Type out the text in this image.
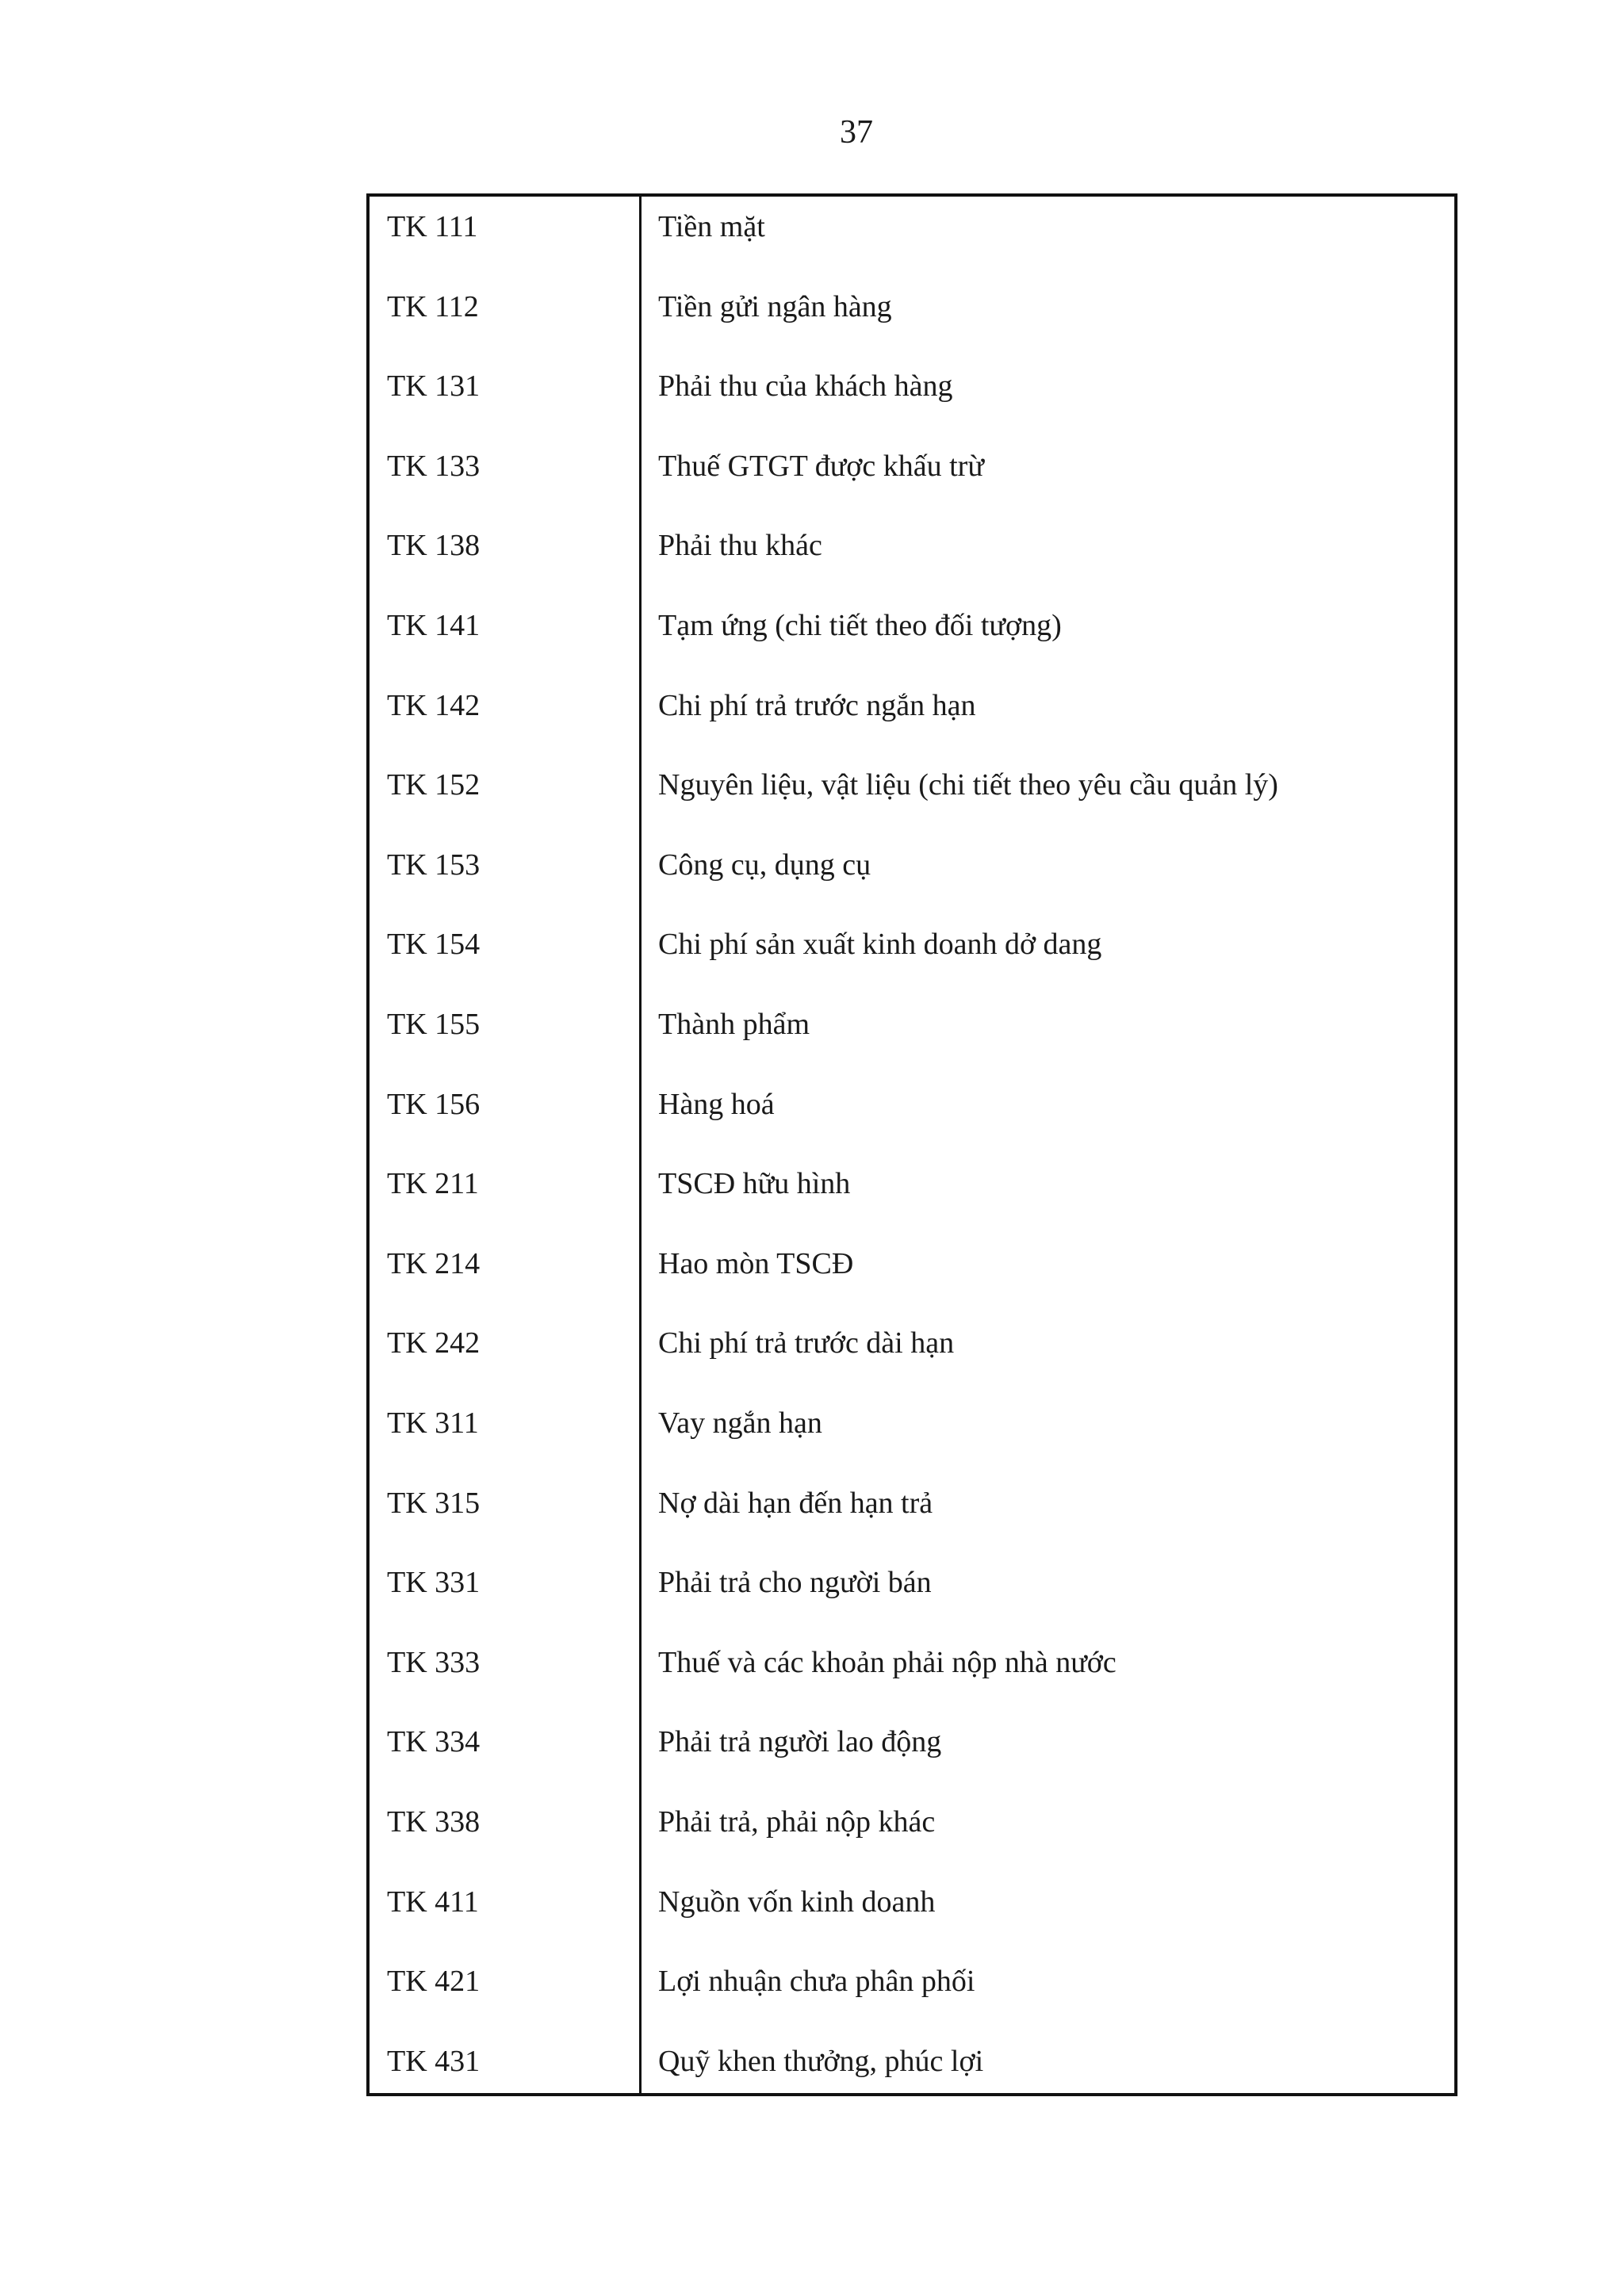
37
TK 111	Tiền mặt
TK 112	Tiền gửi ngân hàng
TK 131	Phải thu của khách hàng
TK 133	Thuế GTGT được khấu trừ
TK 138	Phải thu khác
TK 141	Tạm ứng (chi tiết theo đối tượng)
TK 142	Chi phí trả trước ngắn hạn
TK 152	Nguyên liệu, vật liệu (chi tiết theo yêu cầu quản lý)
TK 153	Công cụ, dụng cụ
TK 154	Chi phí sản xuất kinh doanh dở dang
TK 155	Thành phẩm
TK 156	Hàng hoá
TK 211	TSCĐ hữu hình
TK 214	Hao mòn TSCĐ
TK 242	Chi phí trả trước dài hạn
TK 311	Vay ngắn hạn
TK 315	Nợ dài hạn đến hạn trả
TK 331	Phải trả cho người bán
TK 333	Thuế và các khoản phải nộp nhà nước
TK 334	Phải trả người lao động
TK 338	Phải trả, phải nộp khác
TK 411	Nguồn vốn kinh doanh
TK 421	Lợi nhuận chưa phân phối
TK 431	Quỹ khen thưởng, phúc lợi
